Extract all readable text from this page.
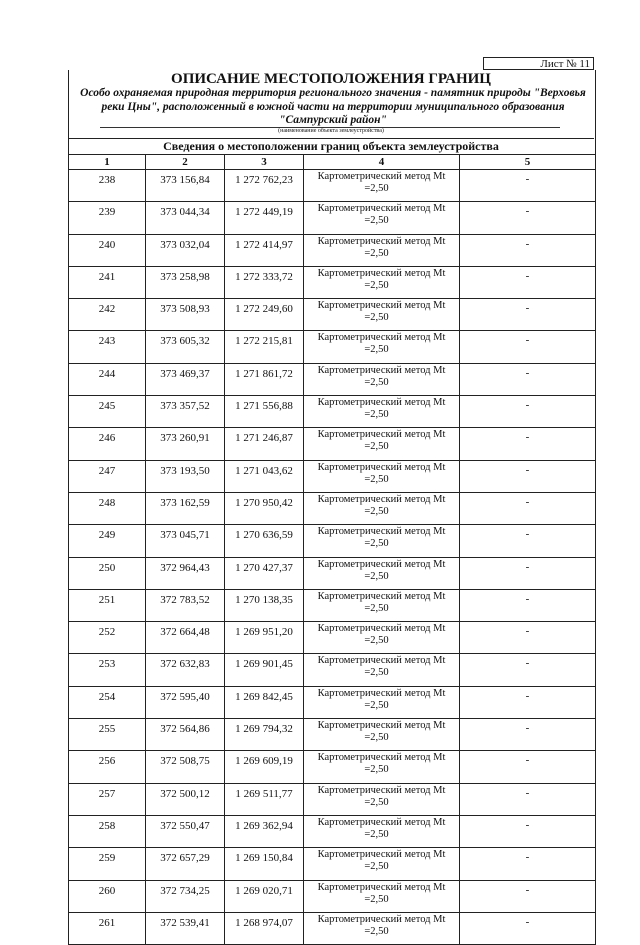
Лист № 11
ОПИСАНИЕ МЕСТОПОЛОЖЕНИЯ ГРАНИЦ
Особо охраняемая природная территория регионального значения - памятник природы "Верховья
реки Цны", расположенный в южной части на территории муниципального образования
"Сампурский район"
(наименование объекта землеустройства)
Сведения о местоположении границ объекта землеустройства
1	2	3	4	5
238	373 156,84	1 272 762,23	Картометрический метод Mt
=2,50	-
239	373 044,34	1 272 449,19	Картометрический метод Mt
=2,50	-
240	373 032,04	1 272 414,97	Картометрический метод Mt
=2,50	-
241	373 258,98	1 272 333,72	Картометрический метод Mt
=2,50	-
242	373 508,93	1 272 249,60	Картометрический метод Mt
=2,50	-
243	373 605,32	1 272 215,81	Картометрический метод Mt
=2,50	-
244	373 469,37	1 271 861,72	Картометрический метод Mt
=2,50	-
245	373 357,52	1 271 556,88	Картометрический метод Mt
=2,50	-
246	373 260,91	1 271 246,87	Картометрический метод Mt
=2,50	-
247	373 193,50	1 271 043,62	Картометрический метод Mt
=2,50	-
248	373 162,59	1 270 950,42	Картометрический метод Mt
=2,50	-
249	373 045,71	1 270 636,59	Картометрический метод Mt
=2,50	-
250	372 964,43	1 270 427,37	Картометрический метод Mt
=2,50	-
251	372 783,52	1 270 138,35	Картометрический метод Mt
=2,50	-
252	372 664,48	1 269 951,20	Картометрический метод Mt
=2,50	-
253	372 632,83	1 269 901,45	Картометрический метод Mt
=2,50	-
254	372 595,40	1 269 842,45	Картометрический метод Mt
=2,50	-
255	372 564,86	1 269 794,32	Картометрический метод Mt
=2,50	-
256	372 508,75	1 269 609,19	Картометрический метод Mt
=2,50	-
257	372 500,12	1 269 511,77	Картометрический метод Mt
=2,50	-
258	372 550,47	1 269 362,94	Картометрический метод Mt
=2,50	-
259	372 657,29	1 269 150,84	Картометрический метод Mt
=2,50	-
260	372 734,25	1 269 020,71	Картометрический метод Mt
=2,50	-
261	372 539,41	1 268 974,07	Картометрический метод Mt
=2,50	-
